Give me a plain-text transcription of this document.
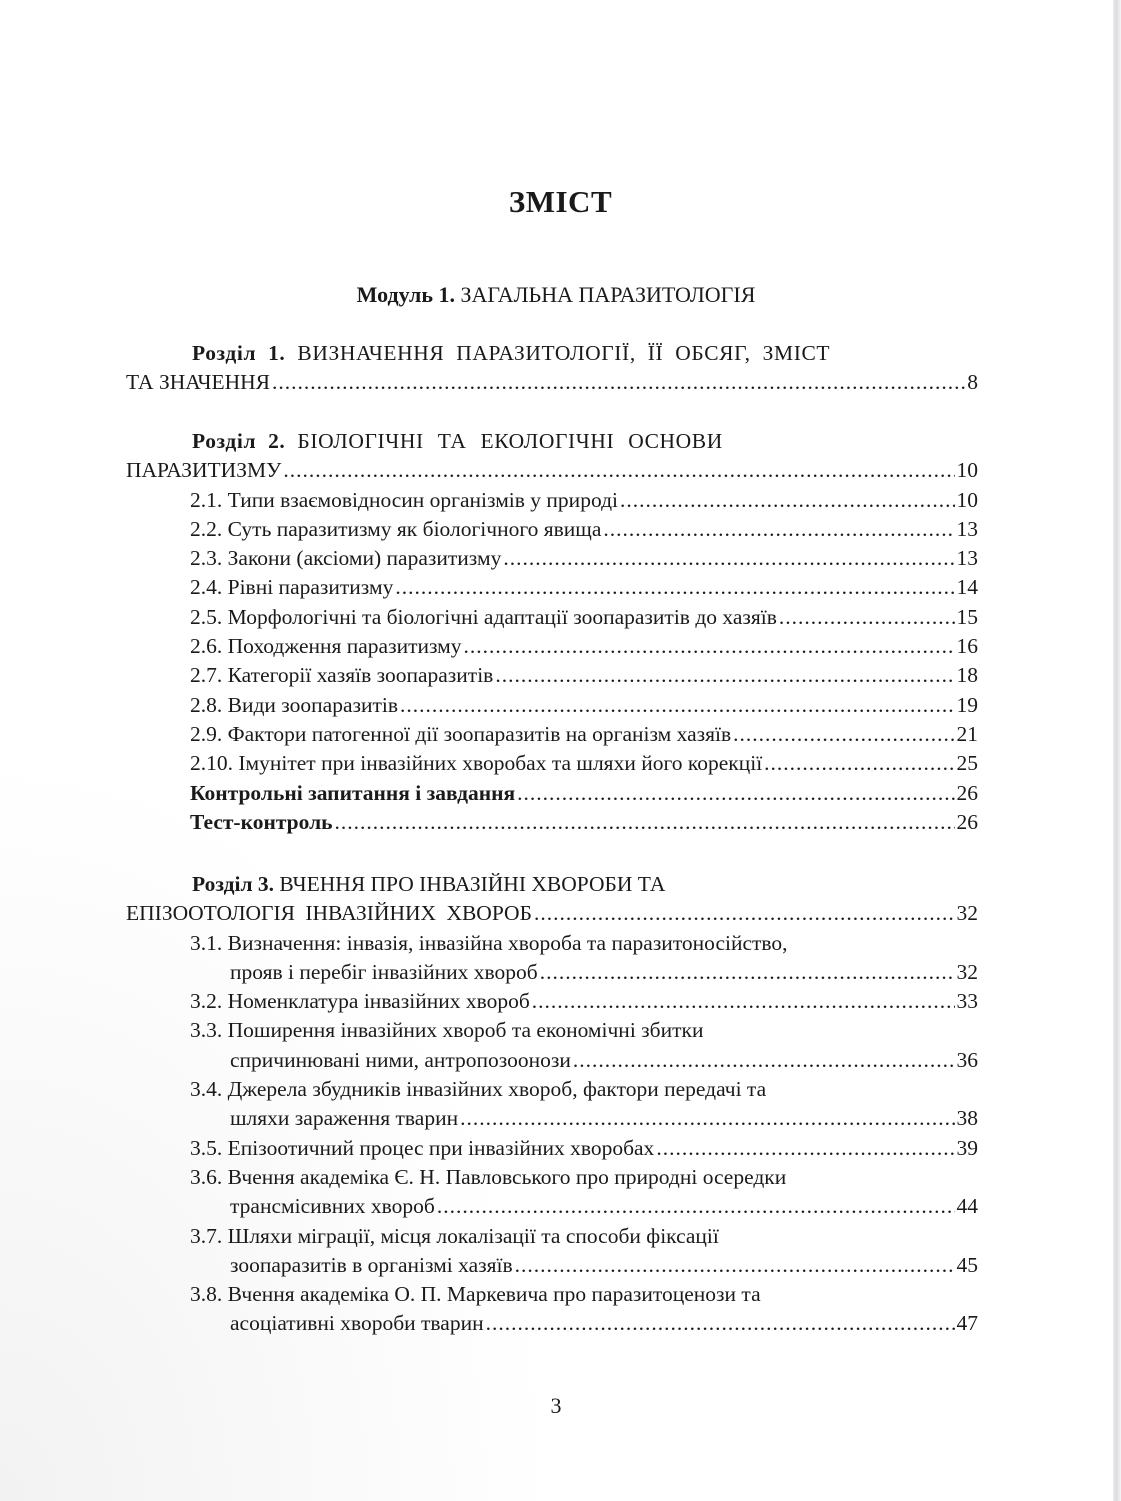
ЗМІСТ
Модуль 1. ЗАГАЛЬНА ПАРАЗИТОЛОГІЯ
Розділ 1. ВИЗНАЧЕННЯ ПАРАЗИТОЛОГІЇ, ЇЇ ОБСЯГ, ЗМІСТ
ТА ЗНАЧЕННЯ .....	8
Розділ 2. БІОЛОГІЧНІ ТА ЕКОЛОГІЧНІ ОСНОВИ
ПАРАЗИТИЗМУ .....	10
2.1. Типи взаємовідносин організмів у природі .....	10
2.2. Суть паразитизму як біологічного явища .....	13
2.3. Закони (аксіоми) паразитизму .....	13
2.4. Рівні паразитизму .....	14
2.5. Морфологічні та біологічні адаптації зоопаразитів до хазяїв .....	15
2.6. Походження паразитизму .....	16
2.7. Категорії хазяїв зоопаразитів .....	18
2.8. Види зоопаразитів .....	19
2.9. Фактори патогенної дії зоопаразитів на організм хазяїв .....	21
2.10. Імунітет при інвазійних хворобах та шляхи його корекції .....	25
Контрольні запитання і завдання .....	26
Тест-контроль .....	26
Розділ 3. ВЧЕННЯ ПРО ІНВАЗІЙНІ ХВОРОБИ ТА
ЕПІЗООТОЛОГІЯ ІНВАЗІЙНИХ ХВОРОБ .....	32
3.1. Визначення: інвазія, інвазійна хвороба та паразитоносійство,
прояв і перебіг інвазійних хвороб .....	32
3.2. Номенклатура інвазійних хвороб .....	33
3.3. Поширення інвазійних хвороб та економічні збитки
спричинювані ними, антропозоонози .....	36
3.4. Джерела збудників інвазійних хвороб, фактори передачі та
шляхи зараження тварин .....	38
3.5. Епізоотичний процес при інвазійних хворобах .....	39
3.6. Вчення академіка Є. Н. Павловського про природні осередки
трансмісивних хвороб .....	44
3.7. Шляхи міграції, місця локалізації та способи фіксації
зоопаразитів в організмі хазяїв .....	45
3.8. Вчення академіка О. П. Маркевича про паразитоценози та
асоціативні хвороби тварин .....	47
3
